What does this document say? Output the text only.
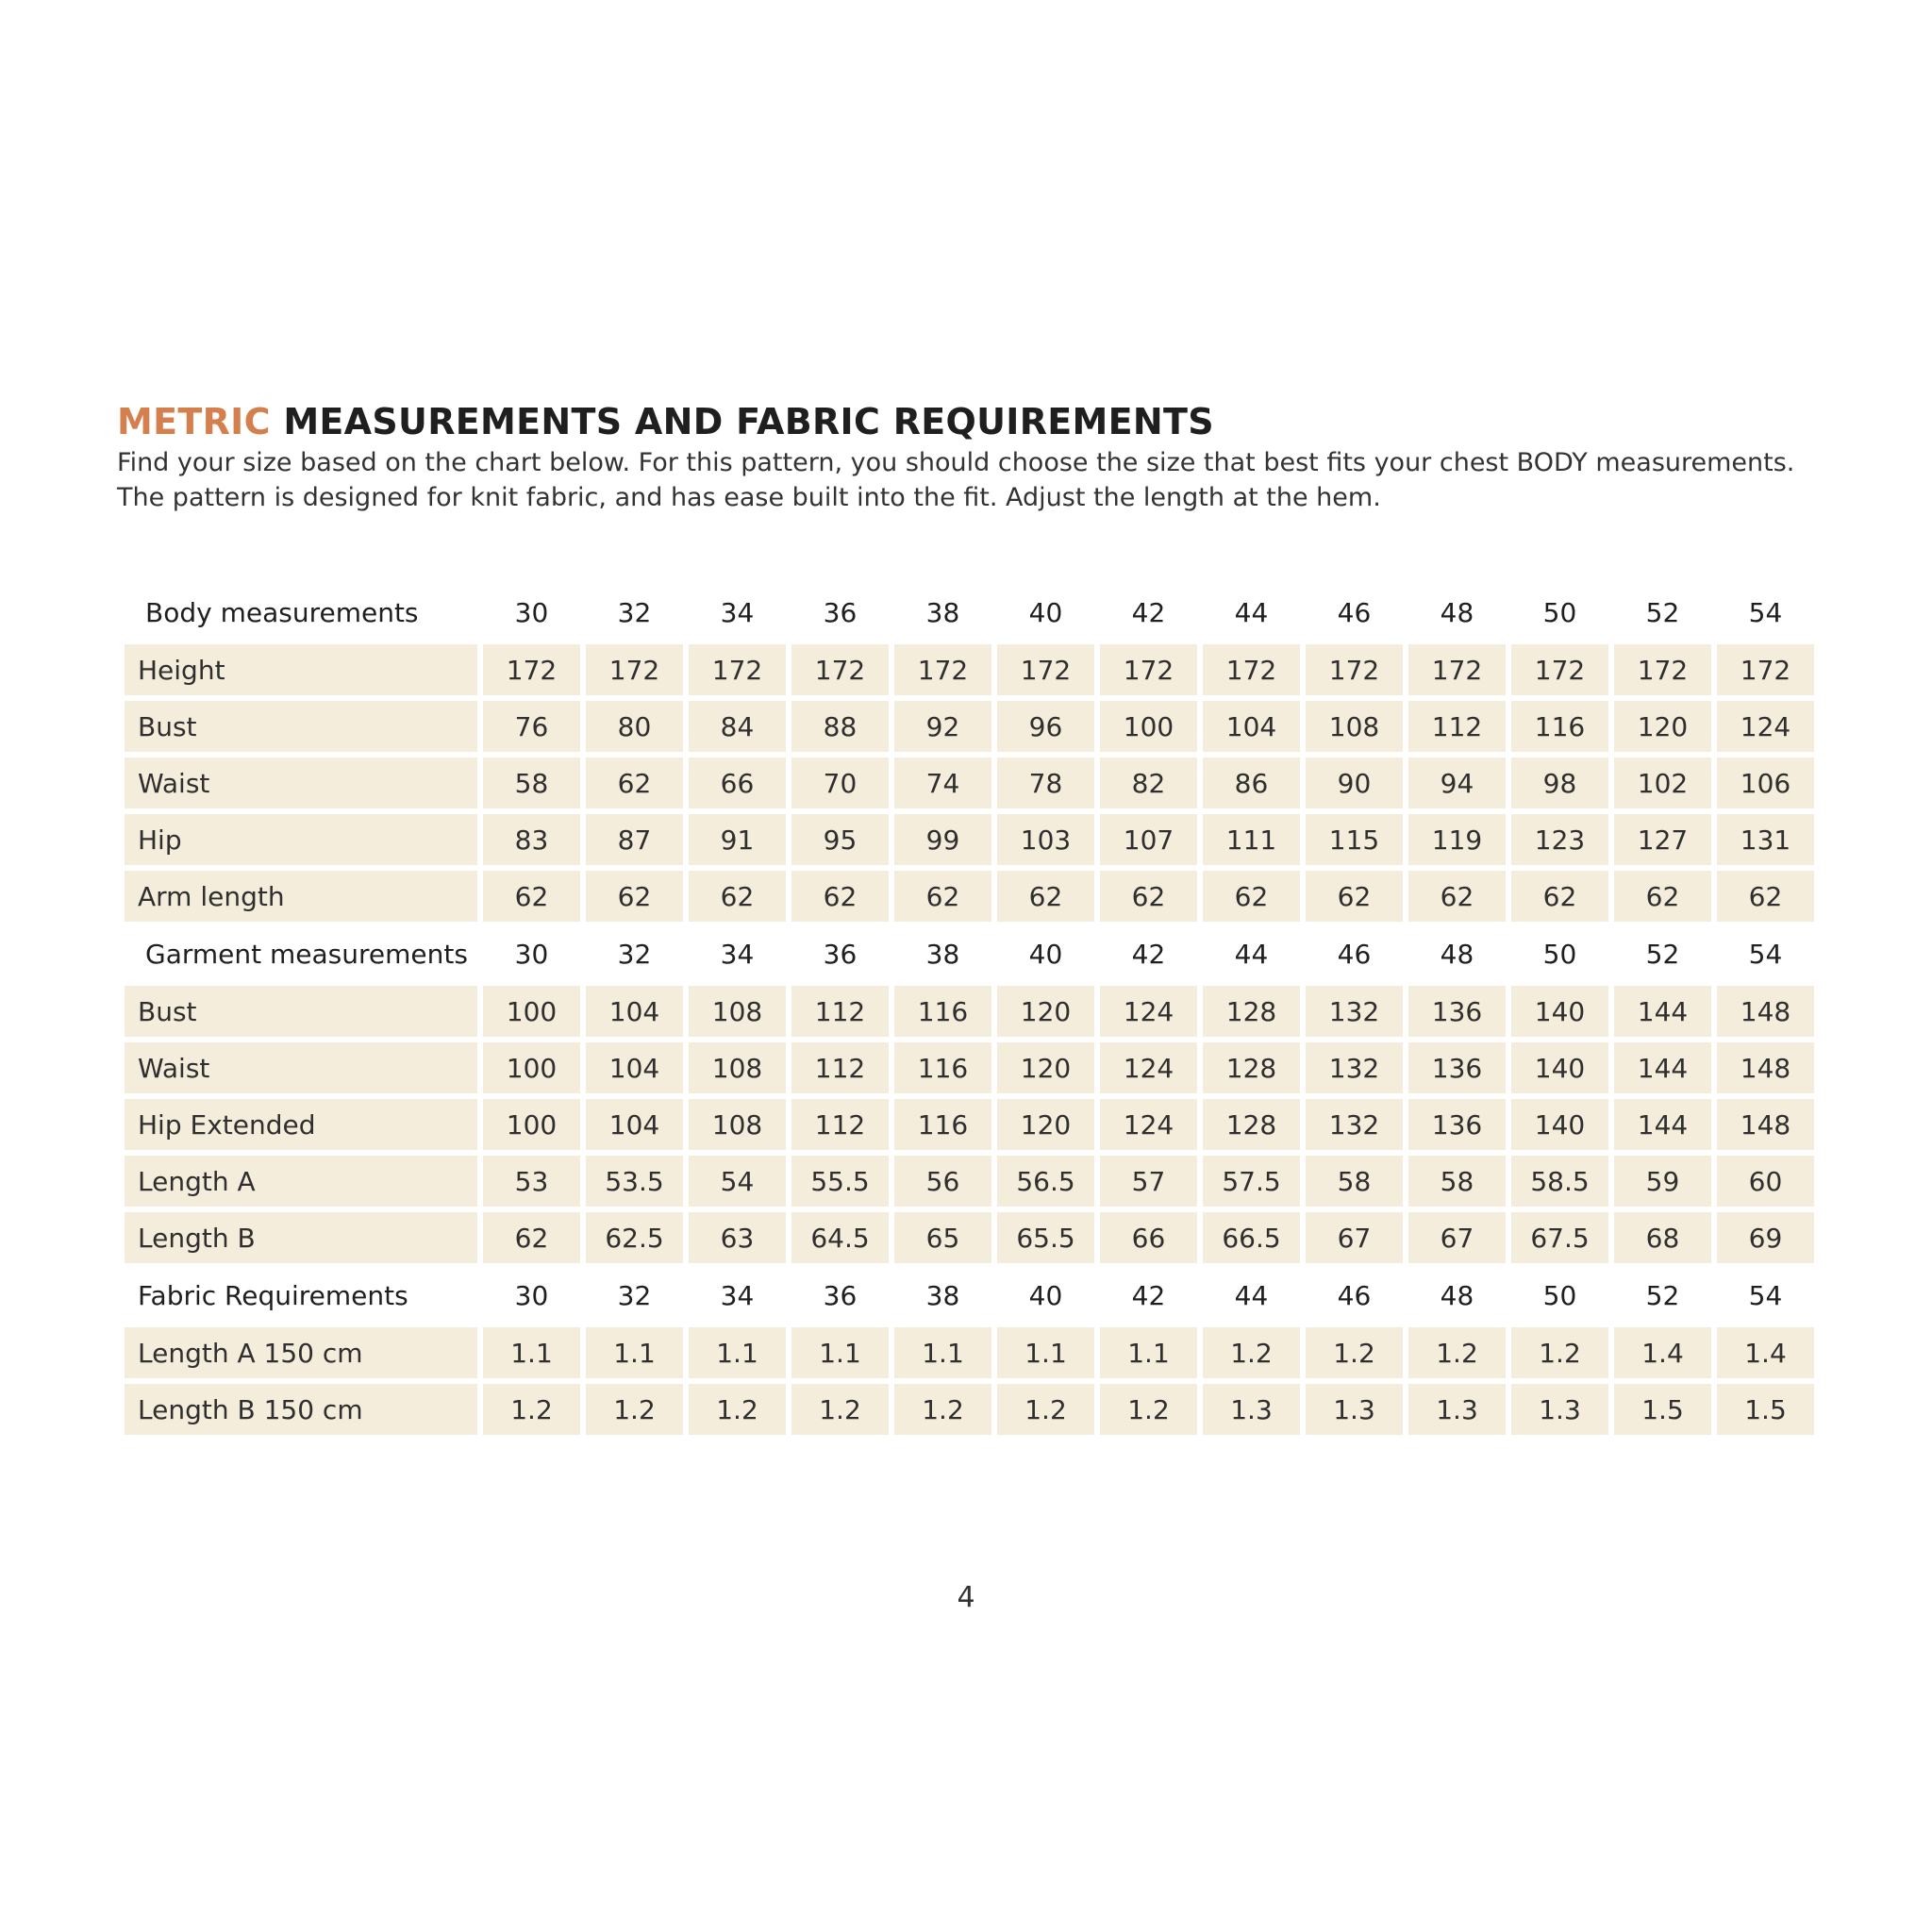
METRIC MEASUREMENTS AND FABRIC REQUIREMENTS

Find your size based on the chart below. For this pattern, you should choose the size that best fits your chest BODY measurements.

The pattern is designed for knit fabric, and has ease built into the fit. Adjust the length at the hem.

Body measurements	30	32	34	36	38	40	42	44	46	48	50	52	54
Height	172	172	172	172	172	172	172	172	172	172	172	172	172
Bust	76	80	84	88	92	96	100	104	108	112	116	120	124
Waist	58	62	66	70	74	78	82	86	90	94	98	102	106
Hip	83	87	91	95	99	103	107	111	115	119	123	127	131
Arm length	62	62	62	62	62	62	62	62	62	62	62	62	62
Garment measurements	30	32	34	36	38	40	42	44	46	48	50	52	54
Bust	100	104	108	112	116	120	124	128	132	136	140	144	148
Waist	100	104	108	112	116	120	124	128	132	136	140	144	148
Hip Extended	100	104	108	112	116	120	124	128	132	136	140	144	148
Length A	53	53.5	54	55.5	56	56.5	57	57.5	58	58	58.5	59	60
Length B	62	62.5	63	64.5	65	65.5	66	66.5	67	67	67.5	68	69
Fabric Requirements	30	32	34	36	38	40	42	44	46	48	50	52	54
Length A 150 cm	1.1	1.1	1.1	1.1	1.1	1.1	1.1	1.2	1.2	1.2	1.2	1.4	1.4
Length B 150 cm	1.2	1.2	1.2	1.2	1.2	1.2	1.2	1.3	1.3	1.3	1.3	1.5	1.5
4
